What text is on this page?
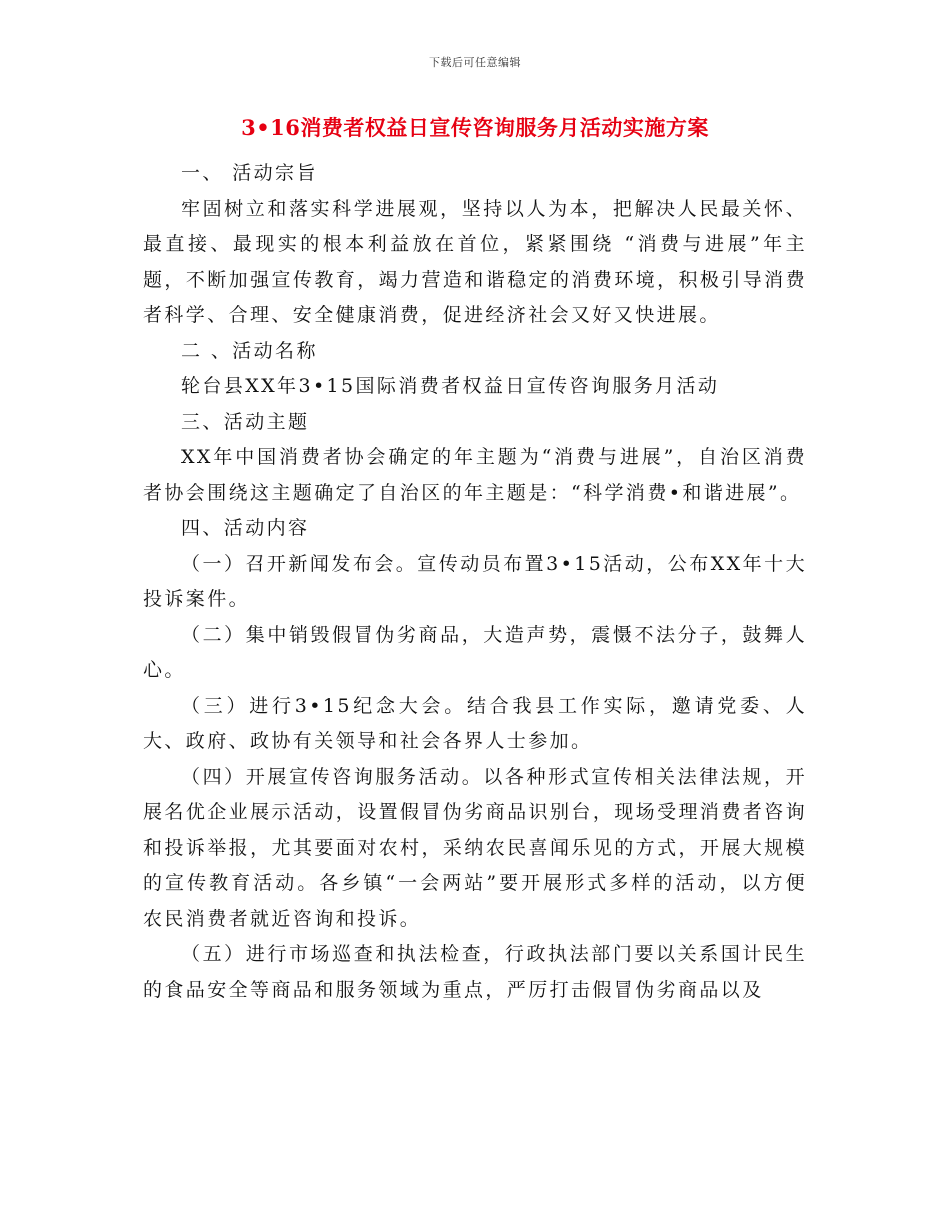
下载后可任意编辑
3•16消费者权益日宣传咨询服务月活动实施方案

一、 活动宗旨

牢固树立和落实科学进展观，坚持以人为本，把解决人民最关怀、最直接、最现实的根本利益放在首位，紧紧围绕 “消费与进展”年主题，不断加强宣传教育，竭力营造和谐稳定的消费环境，积极引导消费者科学、合理、安全健康消费，促进经济社会又好又快进展。

二 、活动名称

轮台县XX年3•15国际消费者权益日宣传咨询服务月活动

三、活动主题

XX年中国消费者协会确定的年主题为“消费与进展”，自治区消费者协会围绕这主题确定了自治区的年主题是：“科学消费•和谐进展”。

四、活动内容

（一）召开新闻发布会。宣传动员布置3•15活动，公布XX年十大投诉案件。

（二）集中销毁假冒伪劣商品，大造声势，震慑不法分子，鼓舞人心。

（三）进行3•15纪念大会。结合我县工作实际，邀请党委、人大、政府、政协有关领导和社会各界人士参加。

（四）开展宣传咨询服务活动。以各种形式宣传相关法律法规，开展名优企业展示活动，设置假冒伪劣商品识别台，现场受理消费者咨询和投诉举报，尤其要面对农村，采纳农民喜闻乐见的方式，开展大规模的宣传教育活动。各乡镇“一会两站”要开展形式多样的活动，以方便农民消费者就近咨询和投诉。

（五）进行市场巡查和执法检查，行政执法部门要以关系国计民生的食品安全等商品和服务领域为重点，严厉打击假冒伪劣商品以及
